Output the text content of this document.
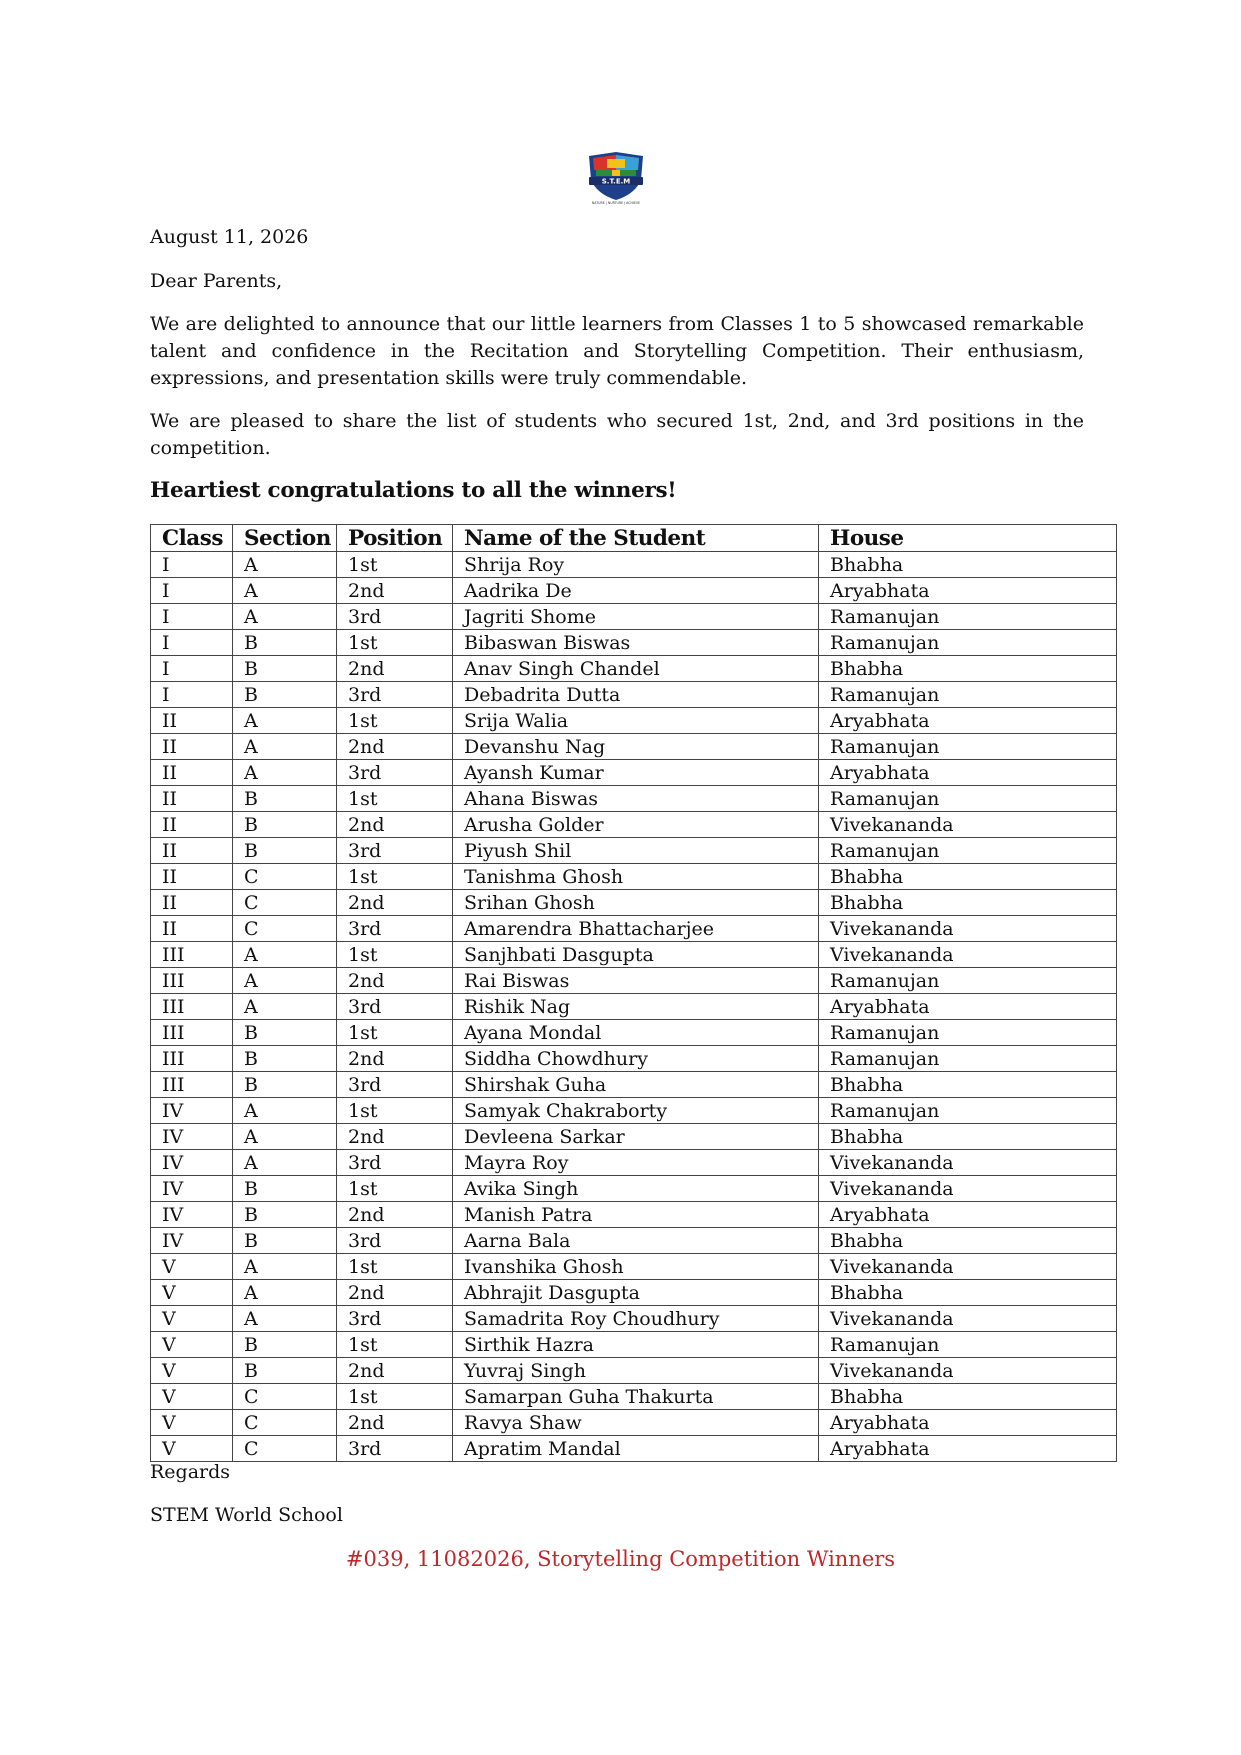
S.T.E.M
NATURE | NURTURE | ACHIEVE

August 11, 2026

Dear Parents,

We are delighted to announce that our little learners from Classes 1 to 5 showcased remarkable talent and confidence in the Recitation and Storytelling Competition. Their enthusiasm, expressions, and presentation skills were truly commendable.

We are pleased to share the list of students who secured 1st, 2nd, and 3rd positions in the competition.

Heartiest congratulations to all the winners!

Class	Section	Position	Name of the Student	House
I	A	1st	Shrija Roy	Bhabha
I	A	2nd	Aadrika De	Aryabhata
I	A	3rd	Jagriti Shome	Ramanujan
I	B	1st	Bibaswan Biswas	Ramanujan
I	B	2nd	Anav Singh Chandel	Bhabha
I	B	3rd	Debadrita Dutta	Ramanujan
II	A	1st	Srija Walia	Aryabhata
II	A	2nd	Devanshu Nag	Ramanujan
II	A	3rd	Ayansh Kumar	Aryabhata
II	B	1st	Ahana Biswas	Ramanujan
II	B	2nd	Arusha Golder	Vivekananda
II	B	3rd	Piyush Shil	Ramanujan
II	C	1st	Tanishma Ghosh	Bhabha
II	C	2nd	Srihan Ghosh	Bhabha
II	C	3rd	Amarendra Bhattacharjee	Vivekananda
III	A	1st	Sanjhbati Dasgupta	Vivekananda
III	A	2nd	Rai Biswas	Ramanujan
III	A	3rd	Rishik Nag	Aryabhata
III	B	1st	Ayana Mondal	Ramanujan
III	B	2nd	Siddha Chowdhury	Ramanujan
III	B	3rd	Shirshak Guha	Bhabha
IV	A	1st	Samyak Chakraborty	Ramanujan
IV	A	2nd	Devleena Sarkar	Bhabha
IV	A	3rd	Mayra Roy	Vivekananda
IV	B	1st	Avika Singh	Vivekananda
IV	B	2nd	Manish Patra	Aryabhata
IV	B	3rd	Aarna Bala	Bhabha
V	A	1st	Ivanshika Ghosh	Vivekananda
V	A	2nd	Abhrajit Dasgupta	Bhabha
V	A	3rd	Samadrita Roy Choudhury	Vivekananda
V	B	1st	Sirthik Hazra	Ramanujan
V	B	2nd	Yuvraj Singh	Vivekananda
V	C	1st	Samarpan Guha Thakurta	Bhabha
V	C	2nd	Ravya Shaw	Aryabhata
V	C	3rd	Apratim Mandal	Aryabhata

Regards

STEM World School

#039, 11082026, Storytelling Competition Winners
